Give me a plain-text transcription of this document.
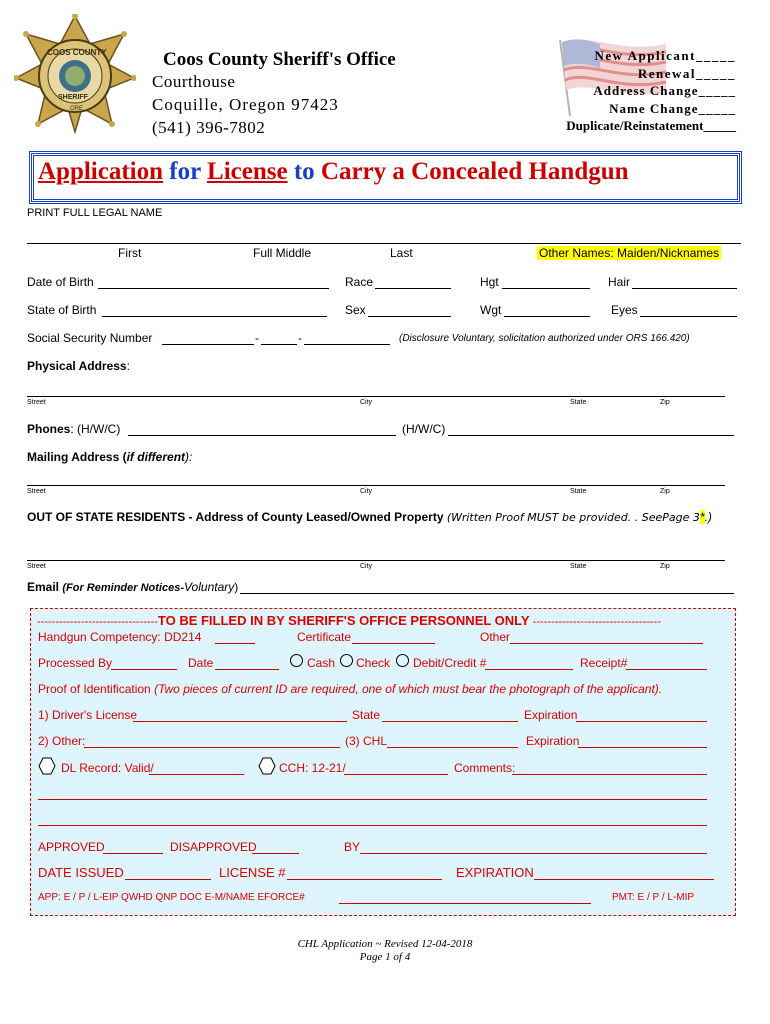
COOS COUNTY
SHERIFF
ORE
Coos County Sheriff's Office
Courthouse
Coquille, Oregon 97423
(541) 396-7802
New Applicant_____
Renewal_____
Address Change_____
Name Change_____
Duplicate/Reinstatement_____
Application for License to Carry a Concealed Handgun
PRINT FULL LEGAL NAME
First	Full Middle	Last	Other Names: Maiden/Nicknames
Date of Birth	Race	Hgt	Hair
State of Birth	Sex	Wgt	Eyes
Social Security Number	-	-	(Disclosure Voluntary, solicitation authorized under ORS 166.420)
Physical Address:
Street	City	State	Zip
Phones: (H/W/C)	(H/W/C)
Mailing Address (if different):
Street	City	State	Zip
OUT OF STATE RESIDENTS - Address of County Leased/Owned Property (Written Proof MUST be provided. . SeePage 3*.)
Street	City	State	Zip
Email (For Reminder Notices-Voluntary)
---------------------------------TO BE FILLED IN BY SHERIFF'S OFFICE PERSONNEL ONLY -----------------------------------
Handgun Competency: DD214	Certificate	Other
Processed By	Date	Cash Check Debit/Credit #	Receipt#
Proof of Identification (Two pieces of current ID are required, one of which must bear the photograph of the applicant).
1) Driver's License	State	Expiration
2) Other:	(3) CHL	Expiration
DL Record: Valid/	CCH: 12-21/	Comments:
APPROVED	DISAPPROVED	BY
DATE ISSUED	LICENSE #	EXPIRATION
APP: E / P / L-EIP QWHD QNP DOC E-M/NAME EFORCE#	PMT: E / P / L-MIP
CHL Application ~ Revised 12-04-2018
Page 1 of 4
